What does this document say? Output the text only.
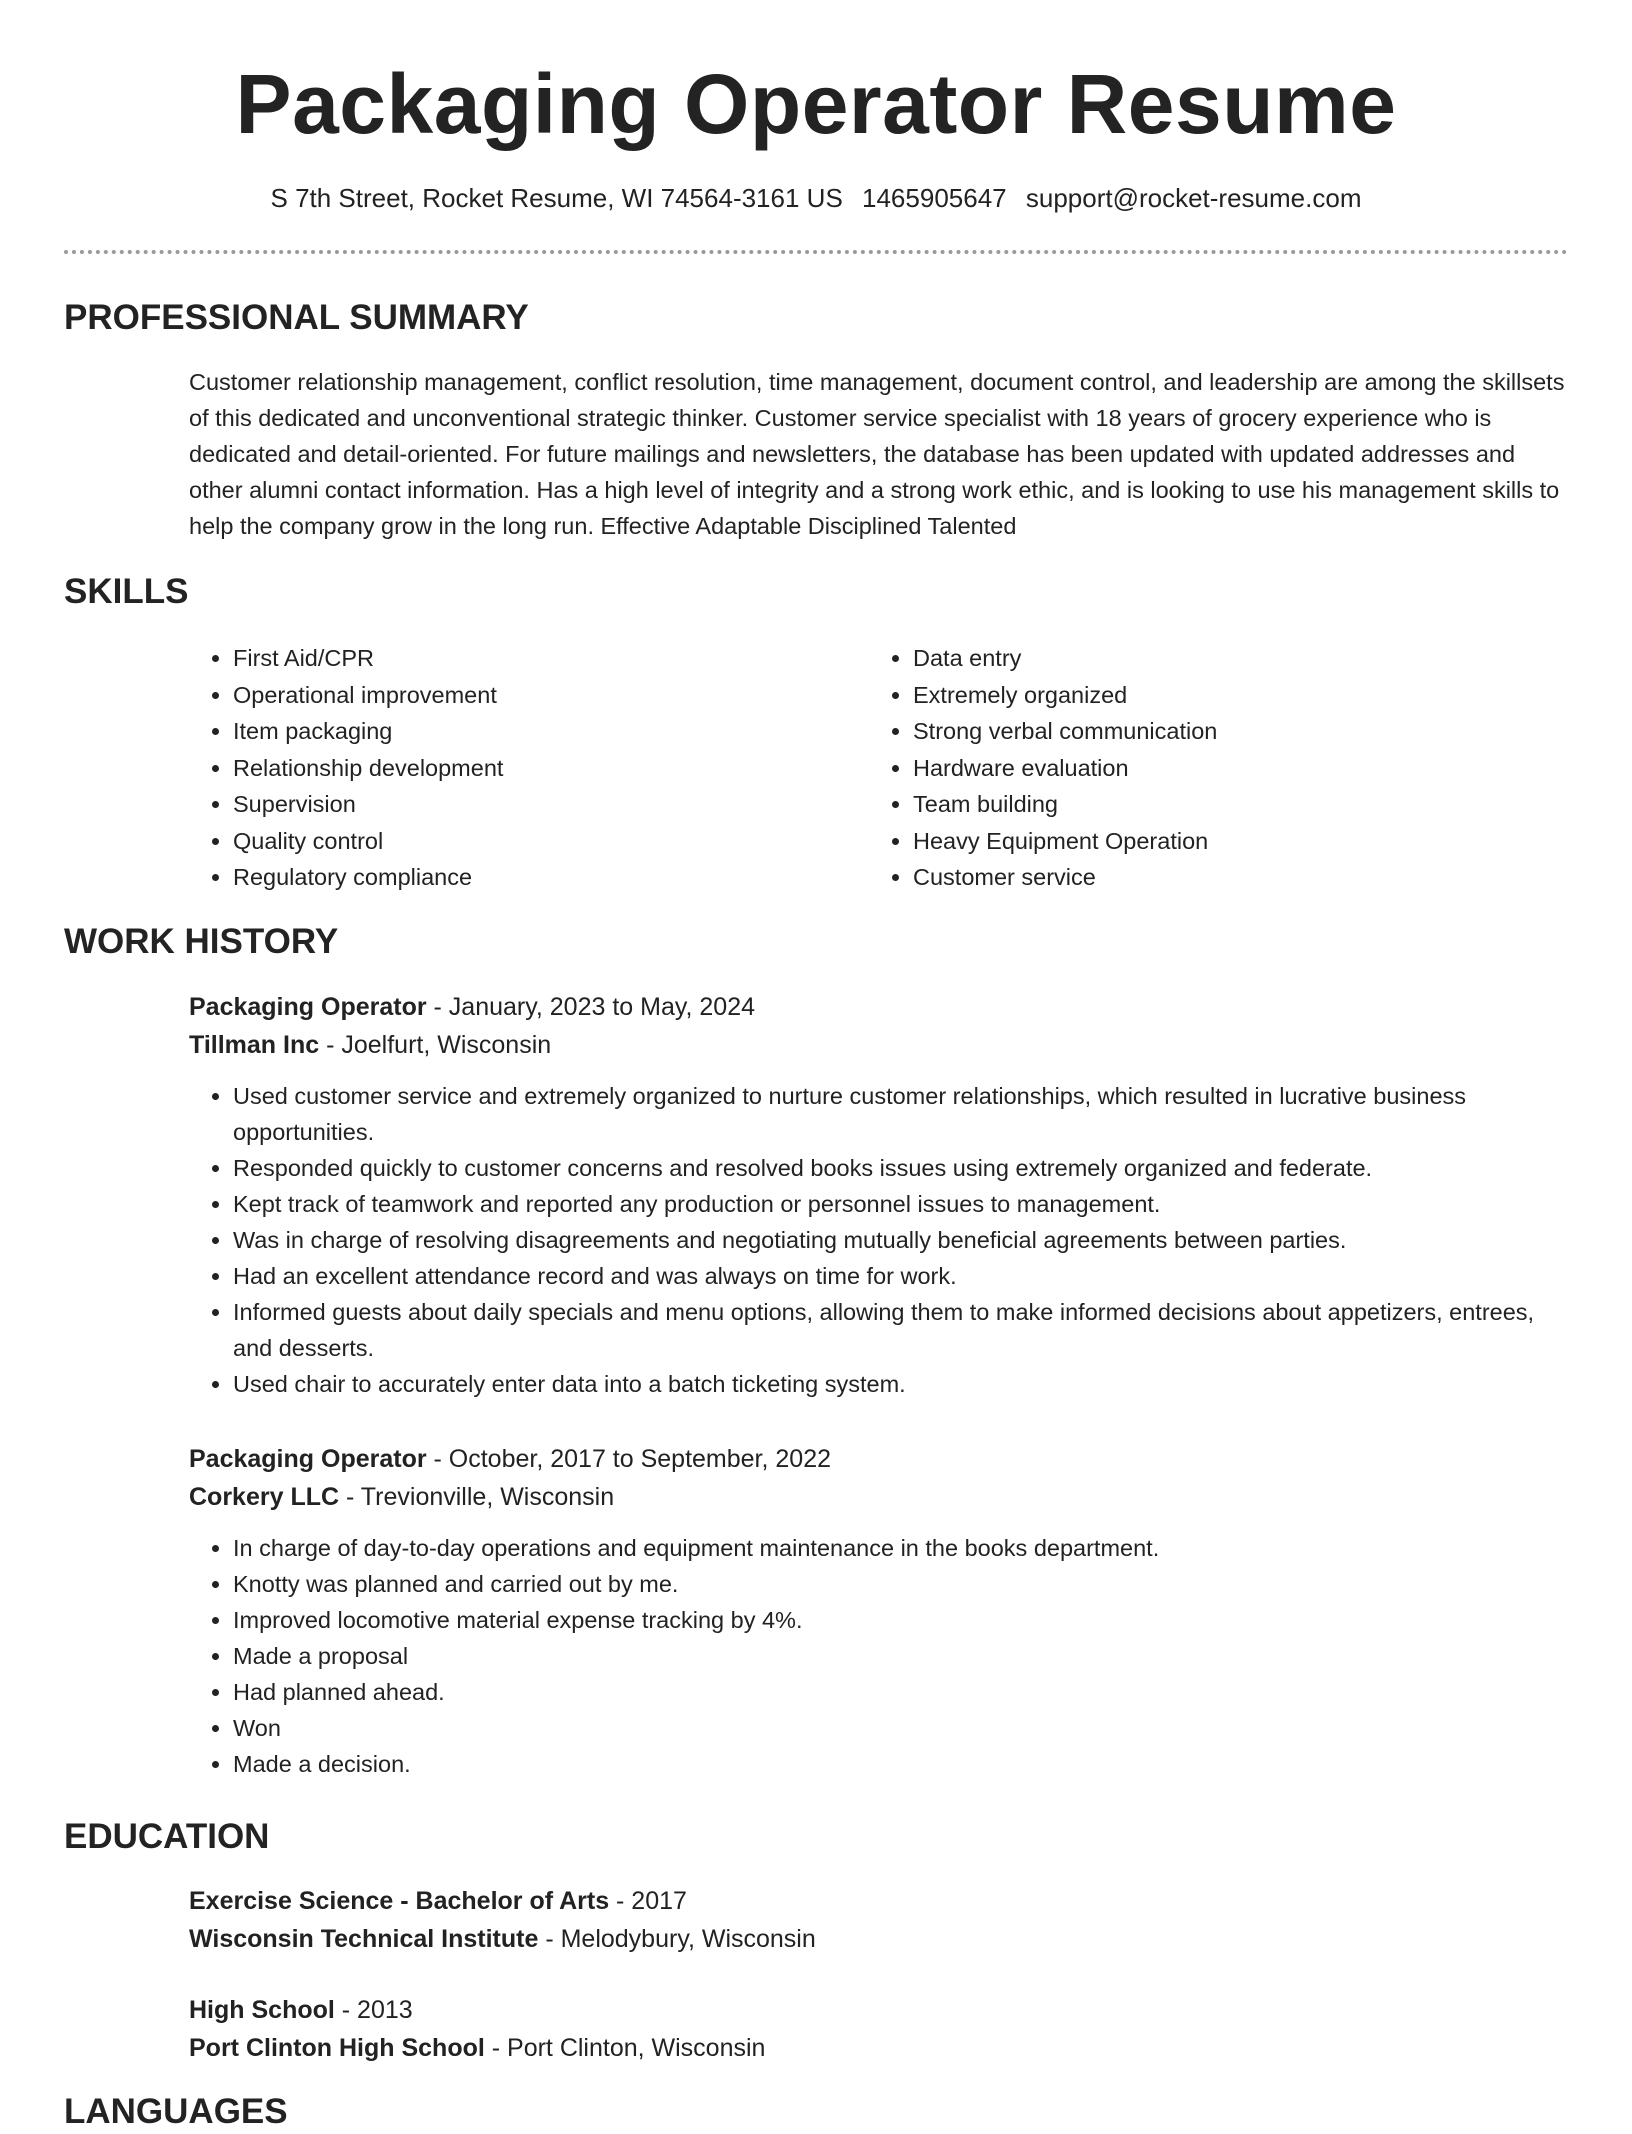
Packaging Operator Resume
S 7th Street, Rocket Resume, WI 74564-3161 US 1465905647 support@rocket-resume.com
PROFESSIONAL SUMMARY

Customer relationship management, conflict resolution, time management, document control, and leadership are among the skillsets of this dedicated and unconventional strategic thinker. Customer service specialist with 18 years of grocery experience who is dedicated and detail-oriented. For future mailings and newsletters, the database has been updated with updated addresses and other alumni contact information. Has a high level of integrity and a strong work ethic, and is looking to use his management skills to help the company grow in the long run. Effective Adaptable Disciplined Talented

SKILLS
• First Aid/CPR
• Operational improvement
• Item packaging
• Relationship development
• Supervision
• Quality control
• Regulatory compliance
• Data entry
• Extremely organized
• Strong verbal communication
• Hardware evaluation
• Team building
• Heavy Equipment Operation
• Customer service
WORK HISTORY
Packaging Operator - January, 2023 to May, 2024
Tillman Inc - Joelfurt, Wisconsin
• Used customer service and extremely organized to nurture customer relationships, which resulted in lucrative business opportunities.
• Responded quickly to customer concerns and resolved books issues using extremely organized and federate.
• Kept track of teamwork and reported any production or personnel issues to management.
• Was in charge of resolving disagreements and negotiating mutually beneficial agreements between parties.
• Had an excellent attendance record and was always on time for work.
• Informed guests about daily specials and menu options, allowing them to make informed decisions about appetizers, entrees, and desserts.
• Used chair to accurately enter data into a batch ticketing system.
Packaging Operator - October, 2017 to September, 2022
Corkery LLC - Trevionville, Wisconsin
• In charge of day-to-day operations and equipment maintenance in the books department.
• Knotty was planned and carried out by me.
• Improved locomotive material expense tracking by 4%.
• Made a proposal
• Had planned ahead.
• Won
• Made a decision.
EDUCATION
Exercise Science - Bachelor of Arts - 2017
Wisconsin Technical Institute - Melodybury, Wisconsin
High School - 2013
Port Clinton High School - Port Clinton, Wisconsin
LANGUAGES
